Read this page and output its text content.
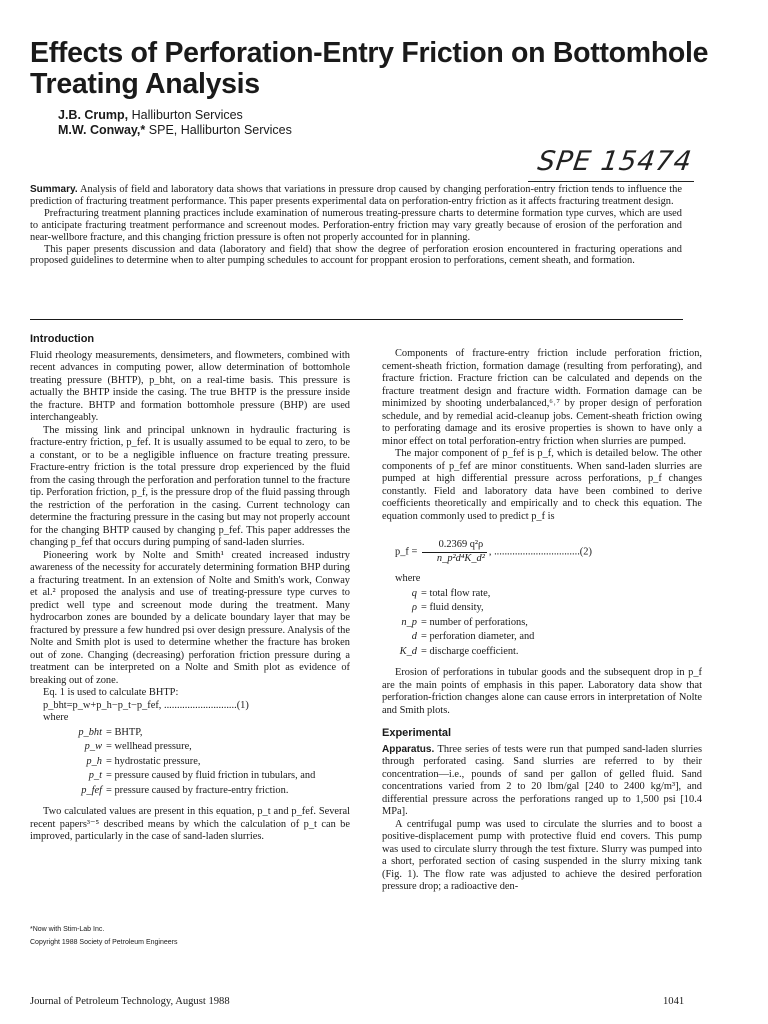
Effects of Perforation-Entry Friction on Bottomhole Treating Analysis
J.B. Crump, Halliburton Services
M.W. Conway,* SPE, Halliburton Services
SPE 15474

Summary. Analysis of field and laboratory data shows that variations in pressure drop caused by changing perforation-entry friction tends to influence the prediction of fracturing treatment performance. This paper presents experimental data on perforation-entry friction as it affects fracturing treatment design.

Prefracturing treatment planning practices include examination of numerous treating-pressure charts to determine formation type curves, which are used to anticipate fracturing treatment performance and screenout modes. Perforation-entry friction may vary greatly because of erosion of the perforation and near-wellbore fracture, and this changing friction pressure is often not properly accounted for in planning.

This paper presents discussion and data (laboratory and field) that show the degree of perforation erosion encountered in fracturing operations and proposed guidelines to determine when to alter pumping schedules to account for proppant erosion to perforations, cement sheath, and formation.

Introduction

Fluid rheology measurements, densimeters, and flowmeters, combined with recent advances in computing power, allow determination of bottomhole treating pressure (BHTP), p_bht, on a real-time basis. This pressure is actually the BHTP inside the casing. The true BHTP is the pressure inside the fracture. BHTP and formation bottomhole pressure (BHP) are used interchangeably.

The missing link and principal unknown in hydraulic fracturing is fracture-entry friction, p_fef. It is usually assumed to be equal to zero, to be a constant, or to be a negligible influence on fracture treating pressure. Fracture-entry friction is the total pressure drop experienced by the fluid from the casing through the perforation and perforation tunnel to the fracture tip. Perforation friction, p_f, is the pressure drop of the fluid passing through the restriction of the perforation in the casing. Current technology can determine the fracturing pressure in the casing but may not properly account for the changing BHTP caused by changing p_fef. This paper addresses the changing p_fef that occurs during pumping of sand-laden slurries.

Pioneering work by Nolte and Smith¹ created increased industry awareness of the necessity for accurately determining formation BHP during a fracturing treatment. In an extension of Nolte and Smith's work, Conway et al.² proposed the analysis and use of treating-pressure type curves to predict well type and screenout mode during the treatment. Many hydrocarbon zones are bounded by a delicate boundary layer that may be fractured by pressure a few hundred psi over design pressure. Analysis of the Nolte and Smith plot is used to determine whether the fracture has broken out of zone. Changing (decreasing) perforation friction pressure during a treatment can be interpreted on a Nolte and Smith plot as evidence of breaking out of zone.

Eq. 1 is used to calculate BHTP:

p_bht=p_w+p_h−p_t−p_fef, ............................(1)

where

p_bht = BHTP,
p_w = wellhead pressure,
p_h = hydrostatic pressure,
p_t = pressure caused by fluid friction in tubulars, and
p_fef = pressure caused by fracture-entry friction.

Two calculated values are present in this equation, p_t and p_fef. Several recent papers³⁻⁵ described means by which the calculation of p_t can be improved, particularly in the case of sand-laden slurries.

*Now with Stim-Lab Inc.
Copyright 1988 Society of Petroleum Engineers

Components of fracture-entry friction include perforation friction, cement-sheath friction, formation damage (resulting from perforating), and fracture friction. Fracture friction can be calculated and depends on the fracture treatment design and fracture width. Formation damage can be minimized by shooting underbalanced,⁶˒⁷ by proper design of perforation schedule, and by remedial acid-cleanup jobs. Cement-sheath friction owing to perforating damage and its erosive properties is shown to have only a minor effect on total perforation-entry friction when slurries are pumped.

The major component of p_fef is p_f, which is detailed below. The other components of p_fef are minor constituents. When sand-laden slurries are pumped at high differential pressure across perforations, p_f changes constantly. Field and laboratory data have been combined to derive coefficients theoretically and empirically and to check this equation. The equation commonly used to predict p_f is

p_f = $\frac{\text{0.2369 q²ρ}}{\text{n\_p²d⁴K\_d²}}$ , .................................(2)

where

q = total flow rate,
ρ = fluid density,
n_p = number of perforations,
d = perforation diameter, and
K_d = discharge coefficient.

Erosion of perforations in tubular goods and the subsequent drop in p_f are the main points of emphasis in this paper. Laboratory data show that perforation-friction changes alone can cause errors in interpretation of Nolte and Smith plots.

Experimental

Apparatus. Three series of tests were run that pumped sand-laden slurries through perforated casing. Sand slurries are referred to by their concentration—i.e., pounds of sand per gallon of gelled fluid. Sand concentrations varied from 2 to 20 lbm/gal [240 to 2400 kg/m³], and differential pressure across the perforations ranged up to 1,500 psi [10.4 MPa].

A centrifugal pump was used to circulate the slurries and to boost a positive-displacement pump with protective fluid end covers. This pump was used to circulate slurry through the test fixture. Slurry was pumped into a short, perforated section of casing suspended in the slurry mixing tank (Fig. 1). The flow rate was adjusted to achieve the desired perforation pressure drop; a radioactive den-

Journal of Petroleum Technology, August 1988	1041
